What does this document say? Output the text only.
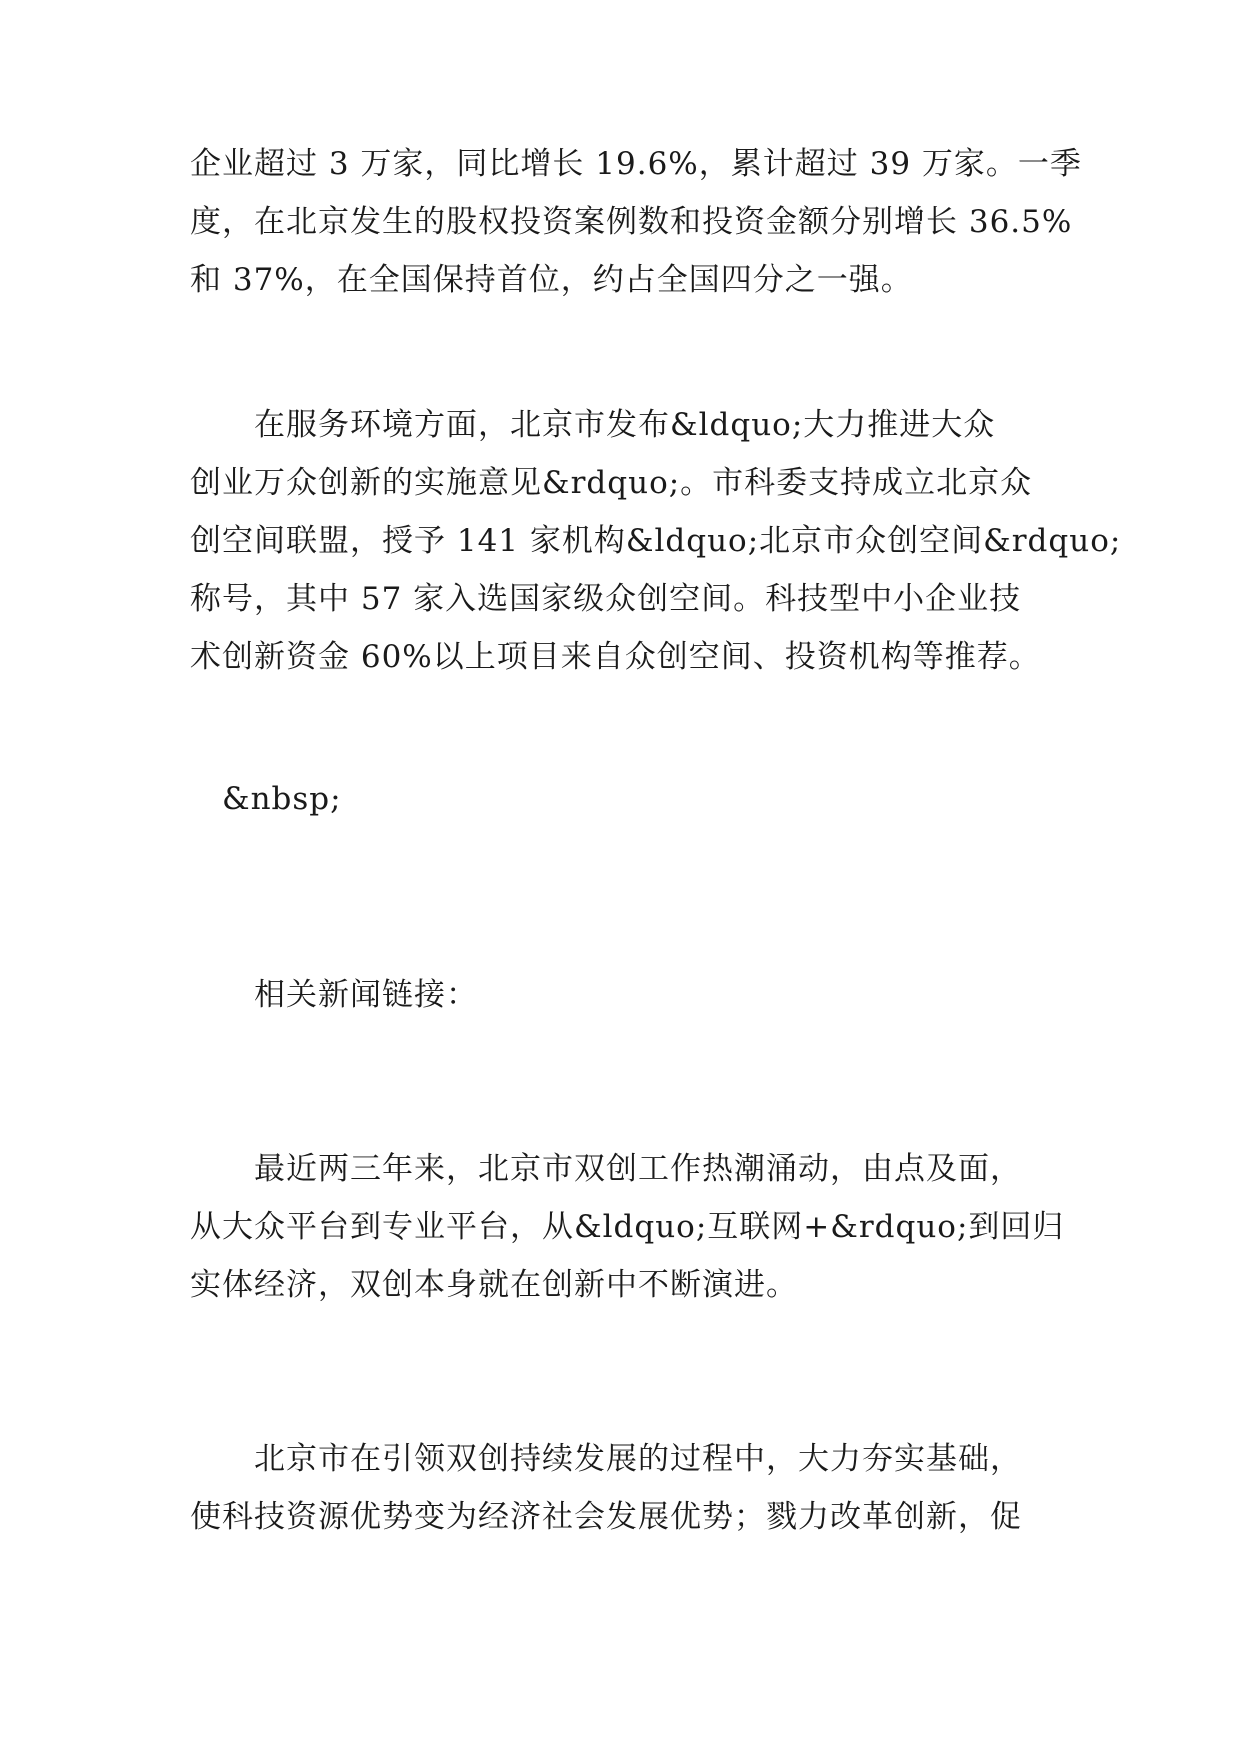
企业超过 3 万家，同比增长 19.6%，累计超过 39 万家。一季
度，在北京发生的股权投资案例数和投资金额分别增长 36.5%
和 37%，在全国保持首位，约占全国四分之一强。
　　在服务环境方面，北京市发布&ldquo;大力推进大众
创业万众创新的实施意见&rdquo;。市科委支持成立北京众
创空间联盟，授予 141 家机构&ldquo;北京市众创空间&rdquo;
称号，其中 57 家入选国家级众创空间。科技型中小企业技
术创新资金 60%以上项目来自众创空间、投资机构等推荐。
　&nbsp;
　　相关新闻链接：
　　最近两三年来，北京市双创工作热潮涌动，由点及面，
从大众平台到专业平台，从&ldquo;互联网+&rdquo;到回归
实体经济，双创本身就在创新中不断演进。
　　北京市在引领双创持续发展的过程中，大力夯实基础，
使科技资源优势变为经济社会发展优势；戮力改革创新，促
